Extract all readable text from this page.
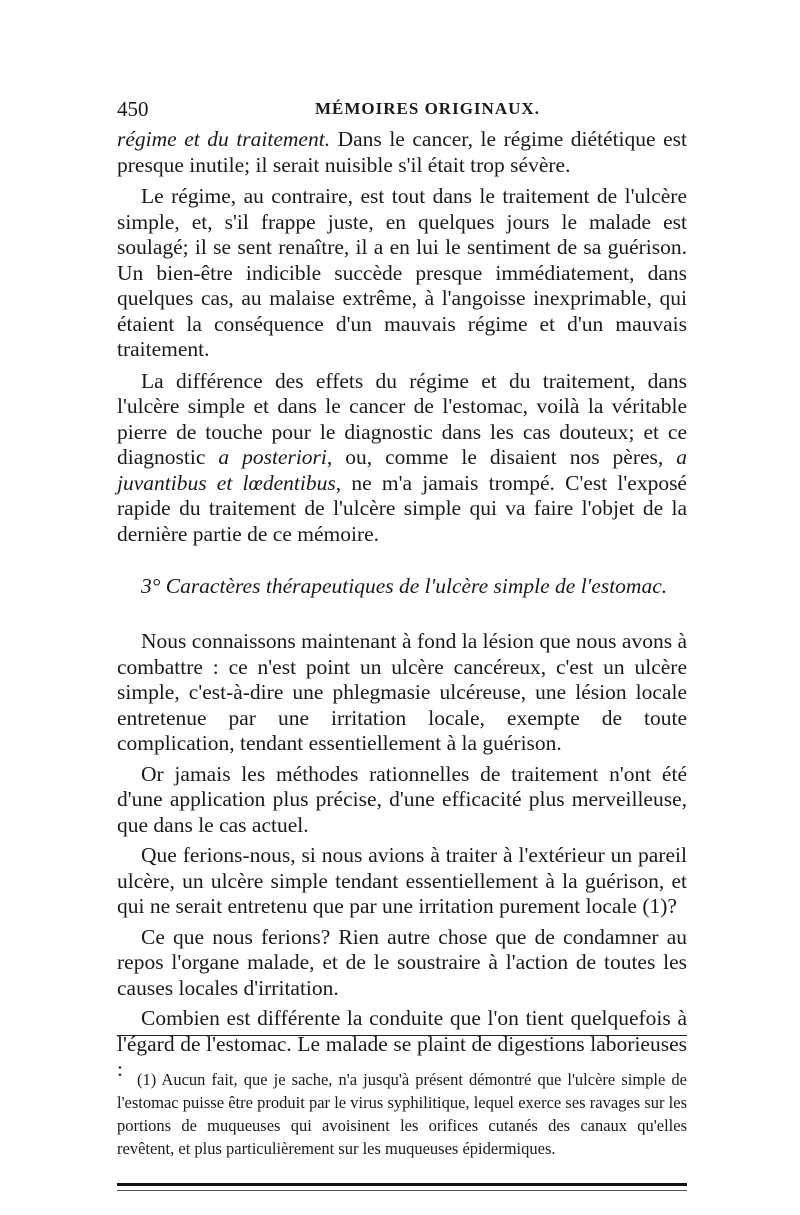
450	MÉMOIRES ORIGINAUX.

régime et du traitement. Dans le cancer, le régime diététique est presque inutile; il serait nuisible s'il était trop sévère.

Le régime, au contraire, est tout dans le traitement de l'ulcère simple, et, s'il frappe juste, en quelques jours le malade est soulagé; il se sent renaître, il a en lui le sentiment de sa guérison. Un bien-être indicible succède presque immédiatement, dans quelques cas, au malaise extrême, à l'angoisse inexprimable, qui étaient la conséquence d'un mauvais régime et d'un mauvais traitement.

La différence des effets du régime et du traitement, dans l'ulcère simple et dans le cancer de l'estomac, voilà la véritable pierre de touche pour le diagnostic dans les cas douteux; et ce diagnostic a posteriori, ou, comme le disaient nos pères, a juvantibus et lœdentibus, ne m'a jamais trompé. C'est l'exposé rapide du traitement de l'ulcère simple qui va faire l'objet de la dernière partie de ce mémoire.

3° Caractères thérapeutiques de l'ulcère simple de l'estomac.

Nous connaissons maintenant à fond la lésion que nous avons à combattre : ce n'est point un ulcère cancéreux, c'est un ulcère simple, c'est-à-dire une phlegmasie ulcéreuse, une lésion locale entretenue par une irritation locale, exempte de toute complication, tendant essentiellement à la guérison.

Or jamais les méthodes rationnelles de traitement n'ont été d'une application plus précise, d'une efficacité plus merveilleuse, que dans le cas actuel.

Que ferions-nous, si nous avions à traiter à l'extérieur un pareil ulcère, un ulcère simple tendant essentiellement à la guérison, et qui ne serait entretenu que par une irritation purement locale (1)?

Ce que nous ferions? Rien autre chose que de condamner au repos l'organe malade, et de le soustraire à l'action de toutes les causes locales d'irritation.

Combien est différente la conduite que l'on tient quelquefois à l'égard de l'estomac. Le malade se plaint de digestions laborieuses : (1) Aucun fait, que je sache, n'a jusqu'à présent démontré que l'ulcère simple de l'estomac puisse être produit par le virus syphilitique, lequel exerce ses ravages sur les portions de muqueuses qui avoisinent les orifices cutanés des canaux qu'elles revêtent, et plus particulièrement sur les muqueuses épidermiques.
